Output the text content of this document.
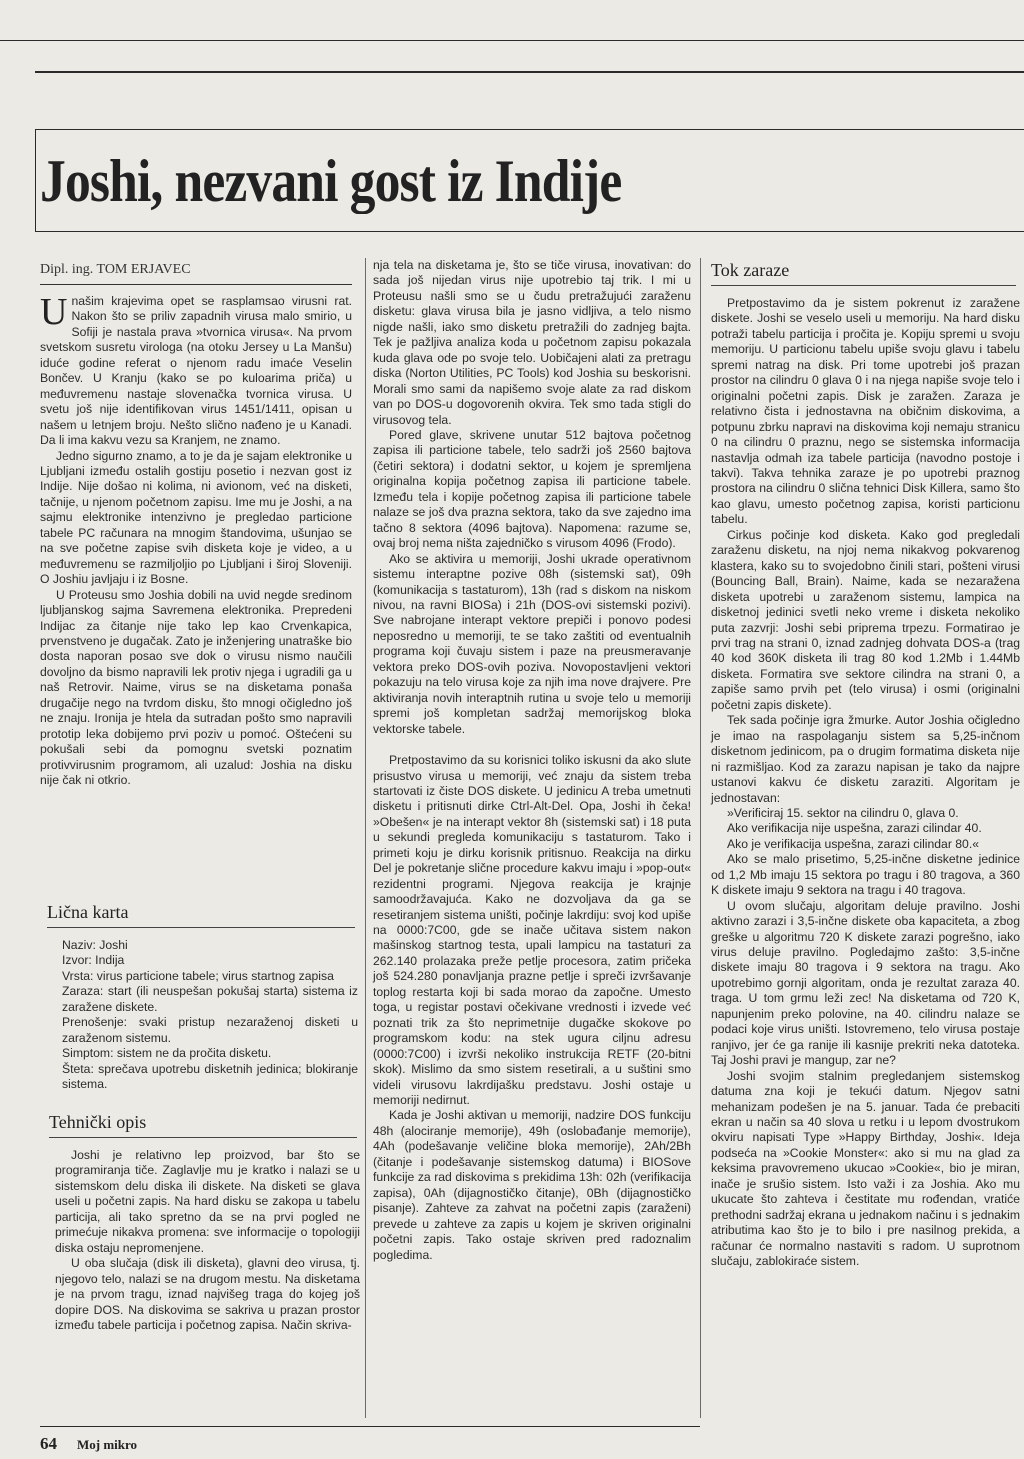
Joshi, nezvani gost iz Indije
Dipl. ing. TOM ERJAVEC
U našim krajevima opet se rasplamsao virusni rat. Nakon što se priliv zapadnih virusa malo smirio, u Sofiji je nastala prava »tvornica virusa«. Na prvom svetskom susretu virologa (na otoku Jersey u La Manšu) iduće godine referat o njenom radu imaće Veselin Bončev. U Kranju (kako se po kuloarima priča) u međuvremenu nastaje slovenačka tvornica virusa. U svetu još nije identifikovan virus 1451/1411, opisan u našem u letnjem broju. Nešto slično nađeno je u Kanadi. Da li ima kakvu vezu sa Kranjem, ne znamo.

Jedno sigurno znamo, a to je da je sajam elektronike u Ljubljani između ostalih gostiju posetio i nezvan gost iz Indije. Nije došao ni kolima, ni avionom, već na disketi, tačnije, u njenom početnom zapisu. Ime mu je Joshi, a na sajmu elektronike intenzivno je pregledao particione tabele PC računara na mnogim štandovima, ušunjao se na sve početne zapise svih disketa koje je video, a u međuvremenu se razmiljoljio po Ljubljani i široj Sloveniji. O Joshiu javljaju i iz Bosne.

U Proteusu smo Joshia dobili na uvid negde sredinom ljubljanskog sajma Savremena elektronika. Prepredeni Indijac za čitanje nije tako lep kao Crvenkapica, prvenstveno je dugačak. Zato je inženjering unatraške bio dosta naporan posao sve dok o virusu nismo naučili dovoljno da bismo napravili lek protiv njega i ugradili ga u naš Retrovir. Naime, virus se na disketama ponaša drugačije nego na tvrdom disku, što mnogi očigledno još ne znaju. Ironija je htela da sutradan pošto smo napravili prototip leka dobijemo prvi poziv u pomoć. Oštećeni su pokušali sebi da pomognu svetski poznatim protivvirusnim programom, ali uzalud: Joshia na disku nije čak ni otkrio.

Lična karta

Naziv: Joshi

Izvor: Indija

Vrsta: virus particione tabele; virus startnog zapisa

Zaraza: start (ili neuspešan pokušaj starta) sistema iz zaražene diskete.

Prenošenje: svaki pristup nezaraženoj disketi u zaraženom sistemu.

Simptom: sistem ne da pročita disketu.

Šteta: sprečava upotrebu disketnih jedinica; blokiranje sistema.

Tehnički opis

Joshi je relativno lep proizvod, bar što se programiranja tiče. Zaglavlje mu je kratko i nalazi se u sistemskom delu diska ili diskete. Na disketi se glava useli u početni zapis. Na hard disku se zakopa u tabelu particija, ali tako spretno da se na prvi pogled ne primećuje nikakva promena: sve informacije o topologiji diska ostaju nepromenjene.

U oba slučaja (disk ili disketa), glavni deo virusa, tj. njegovo telo, nalazi se na drugom mestu. Na disketama je na prvom tragu, iznad najvišeg traga do kojeg još dopire DOS. Na diskovima se sakriva u prazan prostor između tabele particija i početnog zapisa. Način skriva-

nja tela na disketama je, što se tiče virusa, inovativan: do sada još nijedan virus nije upotrebio taj trik. I mi u Proteusu našli smo se u čudu pretražujući zaraženu disketu: glava virusa bila je jasno vidljiva, a telo nismo nigde našli, iako smo disketu pretražili do zadnjeg bajta. Tek je pažljiva analiza koda u početnom zapisu pokazala kuda glava ode po svoje telo. Uobičajeni alati za pretragu diska (Norton Utilities, PC Tools) kod Joshia su beskorisni. Morali smo sami da napišemo svoje alate za rad diskom van po DOS-u dogovorenih okvira. Tek smo tada stigli do virusovog tela.

Pored glave, skrivene unutar 512 bajtova početnog zapisa ili particione tabele, telo sadrži još 2560 bajtova (četiri sektora) i dodatni sektor, u kojem je spremljena originalna kopija početnog zapisa ili particione tabele. Između tela i kopije početnog zapisa ili particione tabele nalaze se još dva prazna sektora, tako da sve zajedno ima tačno 8 sektora (4096 bajtova). Napomena: razume se, ovaj broj nema ništa zajedničko s virusom 4096 (Frodo).

Ako se aktivira u memoriji, Joshi ukrade operativnom sistemu interaptne pozive 08h (sistemski sat), 09h (komunikacija s tastaturom), 13h (rad s diskom na niskom nivou, na ravni BIOSa) i 21h (DOS-ovi sistemski pozivi). Sve nabrojane interapt vektore prepiči i ponovo podesi neposredno u memoriji, te se tako zaštiti od eventualnih programa koji čuvaju sistem i paze na preusmeravanje vektora preko DOS-ovih poziva. Novopostavljeni vektori pokazuju na telo virusa koje za njih ima nove drajvere. Pre aktiviranja novih interaptnih rutina u svoje telo u memoriji spremi još kompletan sadržaj memorijskog bloka vektorske tabele.

Pretpostavimo da su korisnici toliko iskusni da ako slute prisustvo virusa u memoriji, već znaju da sistem treba startovati iz čiste DOS diskete. U jedinicu A treba umetnuti disketu i pritisnuti dirke Ctrl-Alt-Del. Opa, Joshi ih čeka! »Obešen« je na interapt vektor 8h (sistemski sat) i 18 puta u sekundi pregleda komunikaciju s tastaturom. Tako i primeti koju je dirku korisnik pritisnuo. Reakcija na dirku Del je pokretanje slične procedure kakvu imaju i »pop-out« rezidentni programi. Njegova reakcija je krajnje samoodržavajuća. Kako ne dozvoljava da ga se resetiranjem sistema uništi, počinje lakrdiju: svoj kod upiše na 0000:7C00, gde se inače učitava sistem nakon mašinskog startnog testa, upali lampicu na tastaturi za 262.140 prolazaka preže petlje procesora, zatim pričeka još 524.280 ponavljanja prazne petlje i spreči izvršavanje toplog restarta koji bi sada morao da započne. Umesto toga, u registar postavi očekivane vrednosti i izvede već poznati trik za što neprimetnije dugačke skokove po programskom kodu: na stek ugura ciljnu adresu (0000:7C00) i izvrši nekoliko instrukcija RETF (20-bitni skok). Mislimo da smo sistem resetirali, a u suštini smo videli virusovu lakrdijašku predstavu. Joshi ostaje u memoriji nedirnut.

Kada je Joshi aktivan u memoriji, nadzire DOS funkciju 48h (alociranje memorije), 49h (oslobađanje memorije), 4Ah (podešavanje veličine bloka memorije), 2Ah/2Bh (čitanje i podešavanje sistemskog datuma) i BIOSove funkcije za rad diskovima s prekidima 13h: 02h (verifikacija zapisa), 0Ah (dijagnostičko čitanje), 0Bh (dijagnostičko pisanje). Zahteve za zahvat na početni zapis (zaraženi) prevede u zahteve za zapis u kojem je skriven originalni početni zapis. Tako ostaje skriven pred radoznalim pogledima.

Tok zaraze

Pretpostavimo da je sistem pokrenut iz zaražene diskete. Joshi se veselo useli u memoriju. Na hard disku potraži tabelu particija i pročita je. Kopiju spremi u svoju memoriju. U particionu tabelu upiše svoju glavu i tabelu spremi natrag na disk. Pri tome upotrebi još prazan prostor na cilindru 0 glava 0 i na njega napiše svoje telo i originalni početni zapis. Disk je zaražen. Zaraza je relativno čista i jednostavna na običnim diskovima, a potpunu zbrku napravi na diskovima koji nemaju stranicu 0 na cilindru 0 praznu, nego se sistemska informacija nastavlja odmah iza tabele particija (navodno postoje i takvi). Takva tehnika zaraze je po upotrebi praznog prostora na cilindru 0 slična tehnici Disk Killera, samo što kao glavu, umesto početnog zapisa, koristi particionu tabelu.

Cirkus počinje kod disketa. Kako god pregledali zaraženu disketu, na njoj nema nikakvog pokvarenog klastera, kako su to svojedobno činili stari, pošteni virusi (Bouncing Ball, Brain). Naime, kada se nezaražena disketa upotrebi u zaraženom sistemu, lampica na disketnoj jedinici svetli neko vreme i disketa nekoliko puta zazvrji: Joshi sebi priprema trpezu. Formatirao je prvi trag na strani 0, iznad zadnjeg dohvata DOS-a (trag 40 kod 360K disketa ili trag 80 kod 1.2Mb i 1.44Mb disketa. Formatira sve sektore cilindra na strani 0, a zapiše samo prvih pet (telo virusa) i osmi (originalni početni zapis diskete).

Tek sada počinje igra žmurke. Autor Joshia očigledno je imao na raspolaganju sistem sa 5,25-inčnom disketnom jedinicom, pa o drugim formatima disketa nije ni razmišljao. Kod za zarazu napisan je tako da najpre ustanovi kakvu će disketu zaraziti. Algoritam je jednostavan:

»Verificiraj 15. sektor na cilindru 0, glava 0.

Ako verifikacija nije uspešna, zarazi cilindar 40.

Ako je verifikacija uspešna, zarazi cilindar 80.«

Ako se malo prisetimo, 5,25-inčne disketne jedinice od 1,2 Mb imaju 15 sektora po tragu i 80 tragova, a 360 K diskete imaju 9 sektora na tragu i 40 tragova.

U ovom slučaju, algoritam deluje pravilno. Joshi aktivno zarazi i 3,5-inčne diskete oba kapaciteta, a zbog greške u algoritmu 720 K diskete zarazi pogrešno, iako virus deluje pravilno. Pogledajmo zašto: 3,5-inčne diskete imaju 80 tragova i 9 sektora na tragu. Ako upotrebimo gornji algoritam, onda je rezultat zaraza 40. traga. U tom grmu leži zec! Na disketama od 720 K, napunjenim preko polovine, na 40. cilindru nalaze se podaci koje virus uništi. Istovremeno, telo virusa postaje ranjivo, jer će ga ranije ili kasnije prekriti neka datoteka. Taj Joshi pravi je mangup, zar ne?

Joshi svojim stalnim pregledanjem sistemskog datuma zna koji je tekući datum. Njegov satni mehanizam podešen je na 5. januar. Tada će prebaciti ekran u način sa 40 slova u retku i u lepom dvostrukom okviru napisati Type »Happy Birthday, Joshi«. Ideja podseća na »Cookie Monster«: ako si mu na glad za keksima pravovremeno ukucao »Cookie«, bio je miran, inače je srušio sistem. Isto važi i za Joshia. Ako mu ukucate što zahteva i čestitate mu rođendan, vratiće prethodni sadržaj ekrana u jednakom načinu i s jednakim atributima kao što je to bilo i pre nasilnog prekida, a računar će normalno nastaviti s radom. U suprotnom slučaju, zablokiraće sistem.

64 Moj mikro
